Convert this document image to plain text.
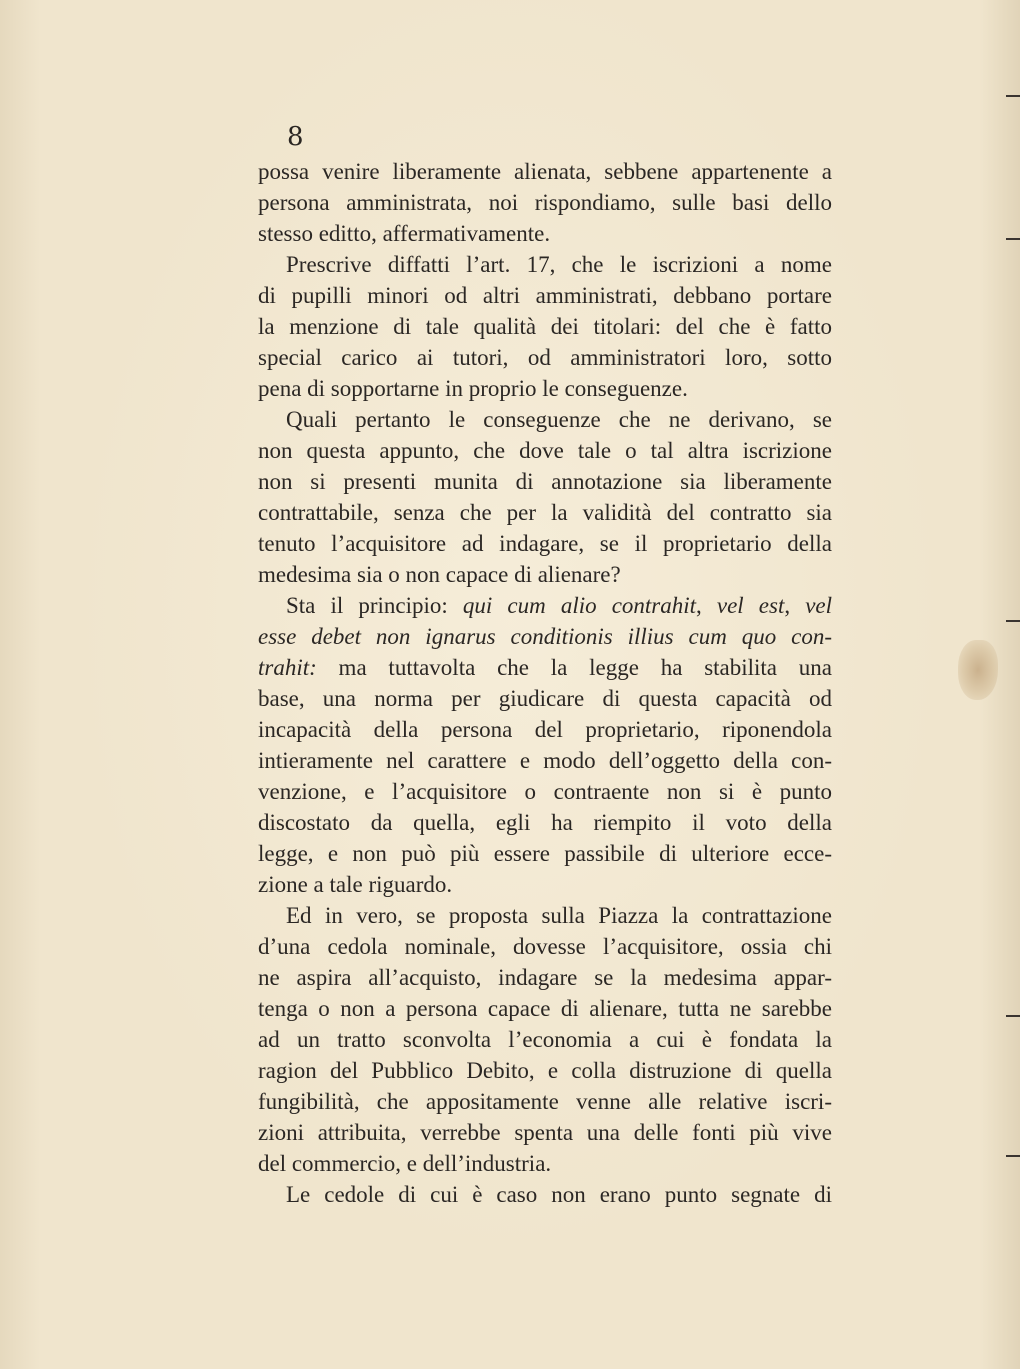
8

possa venire liberamente alienata, sebbene appartenente a
persona amministrata, noi rispondiamo, sulle basi dello
stesso editto, affermativamente.
Prescrive diffatti l’art. 17, che le iscrizioni a nome
di pupilli minori od altri amministrati, debbano portare
la menzione di tale qualità dei titolari: del che è fatto
special carico ai tutori, od amministratori loro, sotto
pena di sopportarne in proprio le conseguenze.
Quali pertanto le conseguenze che ne derivano, se
non questa appunto, che dove tale o tal altra iscrizione
non si presenti munita di annotazione sia liberamente
contrattabile, senza che per la validità del contratto sia
tenuto l’acquisitore ad indagare, se il proprietario della
medesima sia o non capace di alienare?
Sta il principio: qui cum alio contrahit, vel est, vel
esse debet non ignarus conditionis illius cum quo con-
trahit: ma tuttavolta che la legge ha stabilita una
base, una norma per giudicare di questa capacità od
incapacità della persona del proprietario, riponendola
intieramente nel carattere e modo dell’oggetto della con-
venzione, e l’acquisitore o contraente non si è punto
discostato da quella, egli ha riempito il voto della
legge, e non può più essere passibile di ulteriore ecce-
zione a tale riguardo.
Ed in vero, se proposta sulla Piazza la contrattazione
d’una cedola nominale, dovesse l’acquisitore, ossia chi
ne aspira all’acquisto, indagare se la medesima appar-
tenga o non a persona capace di alienare, tutta ne sarebbe
ad un tratto sconvolta l’economia a cui è fondata la
ragion del Pubblico Debito, e colla distruzione di quella
fungibilità, che appositamente venne alle relative iscri-
zioni attribuita, verrebbe spenta una delle fonti più vive
del commercio, e dell’industria.
Le cedole di cui è caso non erano punto segnate di
